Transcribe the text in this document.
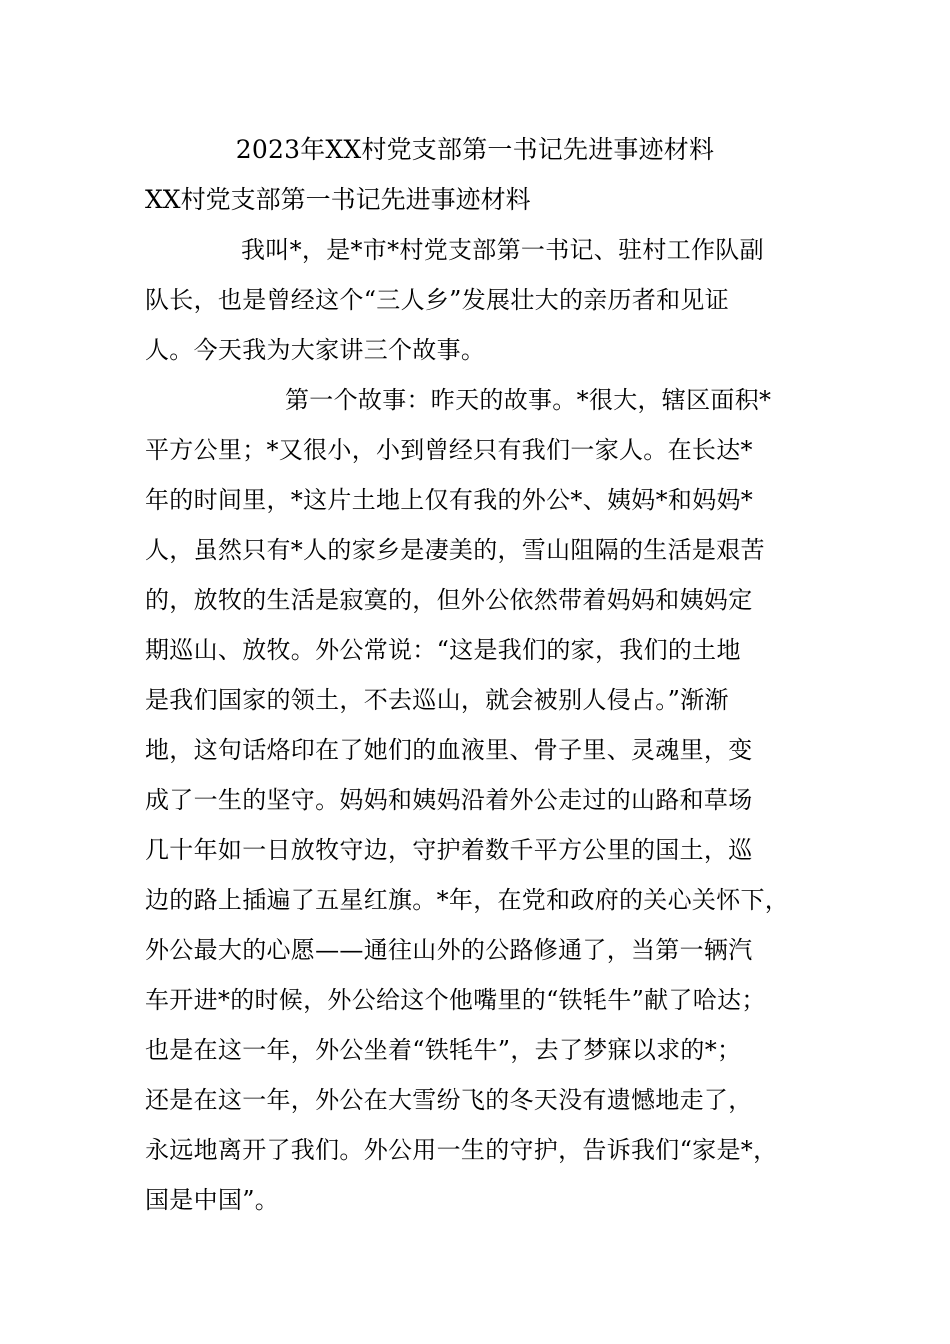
2023年XX村党支部第一书记先进事迹材料
XX村党支部第一书记先进事迹材料
我叫*，是*市*村党支部第一书记、驻村工作队副
队长，也是曾经这个“三人乡”发展壮大的亲历者和见证
人。今天我为大家讲三个故事。
第一个故事：昨天的故事。*很大，辖区面积*
平方公里；*又很小，小到曾经只有我们一家人。在长达*
年的时间里，*这片土地上仅有我的外公*、姨妈*和妈妈*
人，虽然只有*人的家乡是凄美的，雪山阻隔的生活是艰苦
的，放牧的生活是寂寞的，但外公依然带着妈妈和姨妈定
期巡山、放牧。外公常说：“这是我们的家，我们的土地
是我们国家的领土，不去巡山，就会被别人侵占。”渐渐
地，这句话烙印在了她们的血液里、骨子里、灵魂里，变
成了一生的坚守。妈妈和姨妈沿着外公走过的山路和草场
几十年如一日放牧守边，守护着数千平方公里的国土，巡
边的路上插遍了五星红旗。*年，在党和政府的关心关怀下，
外公最大的心愿——通往山外的公路修通了，当第一辆汽
车开进*的时候，外公给这个他嘴里的“铁牦牛”献了哈达；
也是在这一年，外公坐着“铁牦牛”，去了梦寐以求的*；
还是在这一年，外公在大雪纷飞的冬天没有遗憾地走了，
永远地离开了我们。外公用一生的守护，告诉我们“家是*，
国是中国”。
